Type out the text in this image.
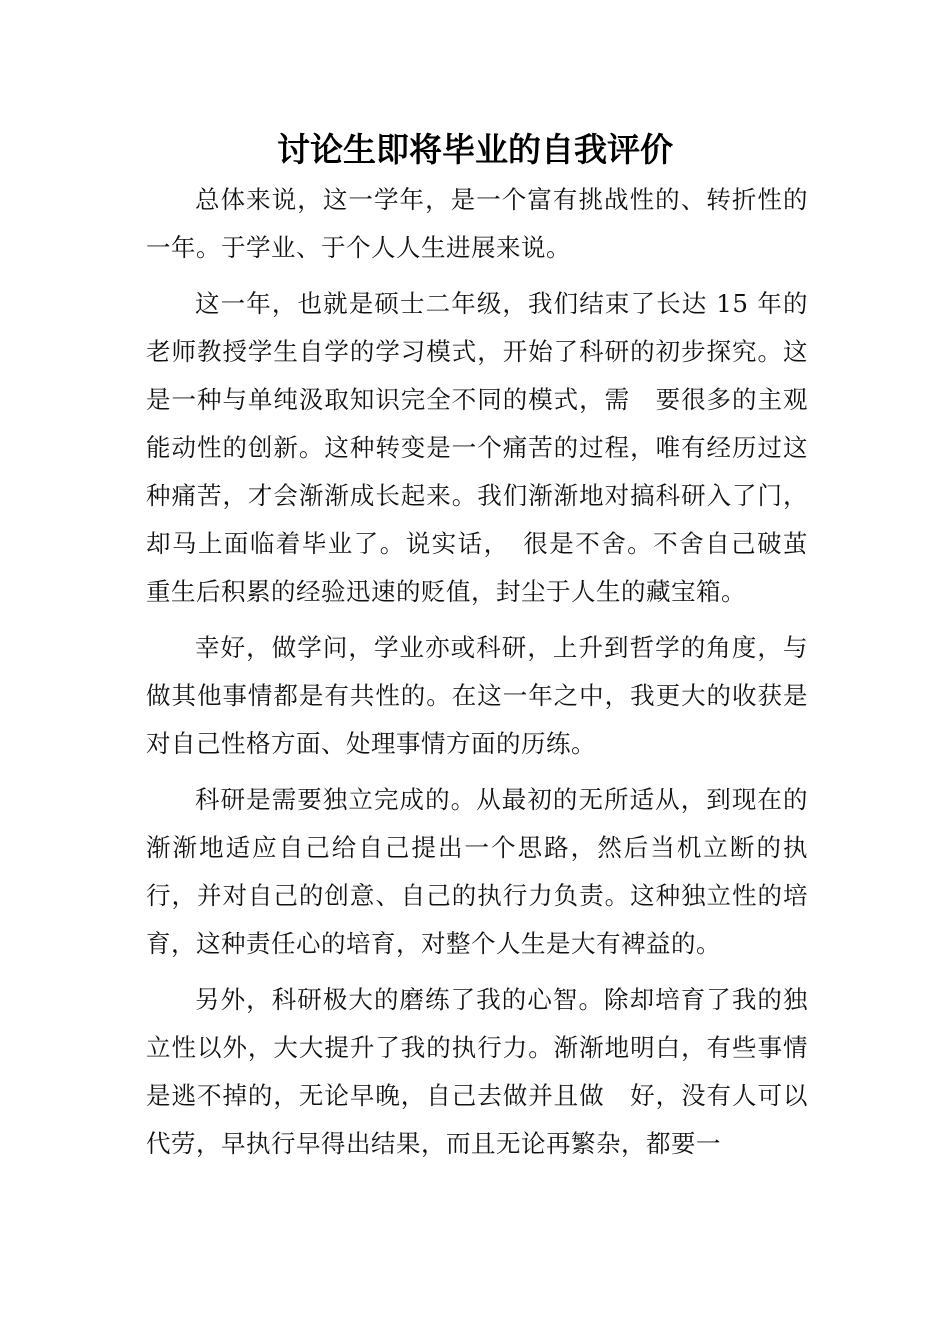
讨论生即将毕业的自我评价

总体来说，这一学年，是一个富有挑战性的、转折性的一年。于学业、于个人人生进展来说。

这一年，也就是硕士二年级，我们结束了长达 15 年的老师教授学生自学的学习模式，开始了科研的初步探究。这是一种与单纯汲取知识完全不同的模式，需　要很多的主观能动性的创新。这种转变是一个痛苦的过程，唯有经历过这种痛苦，才会渐渐成长起来。我们渐渐地对搞科研入了门，却马上面临着毕业了。说实话，　很是不舍。不舍自己破茧重生后积累的经验迅速的贬值，封尘于人生的藏宝箱。

幸好，做学问，学业亦或科研，上升到哲学的角度，与做其他事情都是有共性的。在这一年之中，我更大的收获是对自己性格方面、处理事情方面的历练。

科研是需要独立完成的。从最初的无所适从，到现在的渐渐地适应自己给自己提出一个思路，然后当机立断的执行，并对自己的创意、自己的执行力负责。这种独立性的培育，这种责任心的培育，对整个人生是大有裨益的。

另外，科研极大的磨练了我的心智。除却培育了我的独立性以外，大大提升了我的执行力。渐渐地明白，有些事情是逃不掉的，无论早晚，自己去做并且做　好，没有人可以代劳，早执行早得出结果，而且无论再繁杂，都要一
